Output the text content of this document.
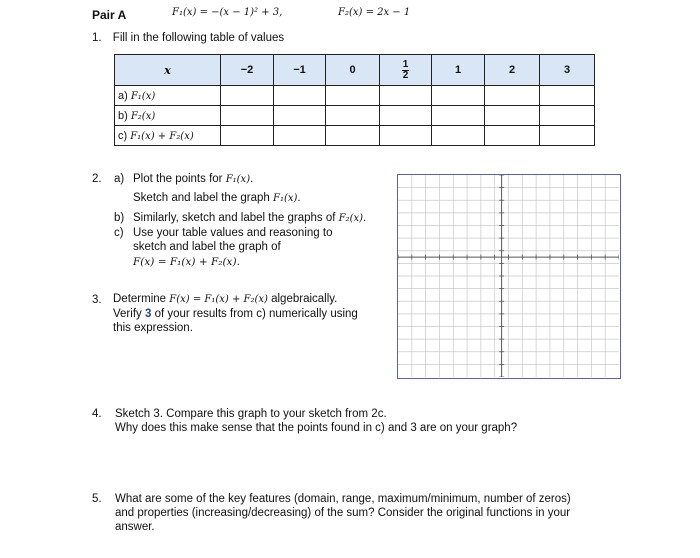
Pair A	F₁(x) = −(x − 1)² + 3,	F₂(x) = 2x − 1
1. Fill in the following table of values
x	−2	−1	0	$\frac{1}{2}$	1	2	3
a) F₁(x)							
b) F₂(x)							
c) F₁(x) + F₂(x)							
2. a) Plot the points for F₁(x).
Sketch and label the graph F₁(x).
b) Similarly, sketch and label the graphs of F₂(x).
c) Use your table values and reasoning to
sketch and label the graph of
F(x) = F₁(x) + F₂(x).
3. Determine F(x) = F₁(x) + F₂(x) algebraically.
Verify 3 of your results from c) numerically using
this expression.
4. Sketch 3. Compare this graph to your sketch from 2c.
Why does this make sense that the points found in c) and 3 are on your graph?
5. What are some of the key features (domain, range, maximum/minimum, number of zeros)
and properties (increasing/decreasing) of the sum? Consider the original functions in your
answer.
